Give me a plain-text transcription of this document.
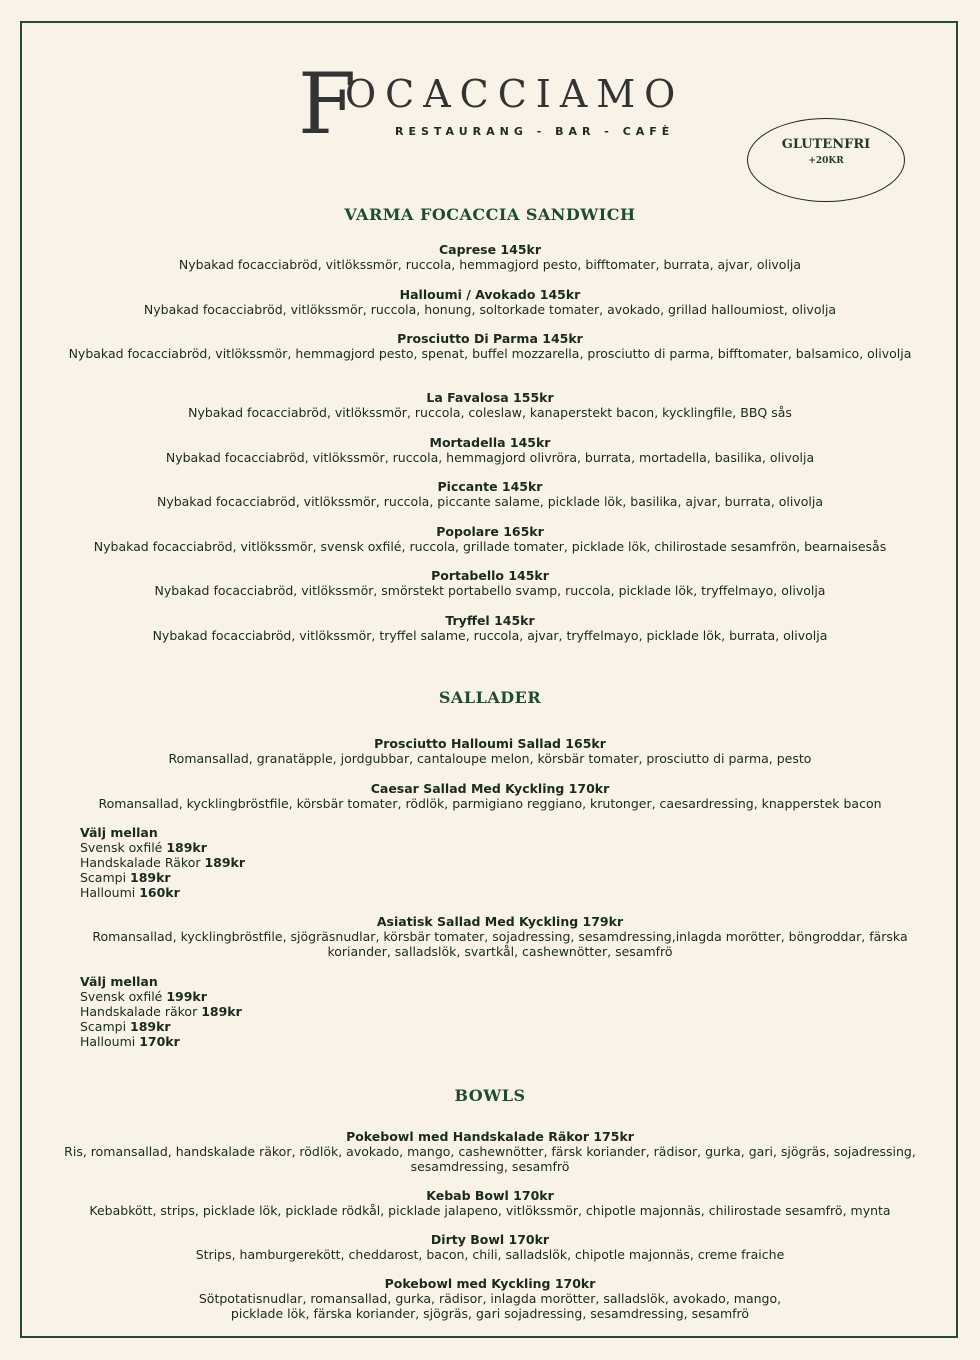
F
OCACCIAMO
RESTAURANG - BAR - CAFÈ
GLUTENFRI
+20KR
VARMA FOCACCIA SANDWICH
Caprese 145kr
Nybakad focacciabröd, vitlökssmör, ruccola, hemmagjord pesto, bifftomater, burrata, ajvar, olivolja
Halloumi / Avokado 145kr
Nybakad focacciabröd, vitlökssmör, ruccola, honung, soltorkade tomater, avokado, grillad halloumiost, olivolja
Prosciutto Di Parma 145kr
Nybakad focacciabröd, vitlökssmör, hemmagjord pesto, spenat, buffel mozzarella, prosciutto di parma, bifftomater, balsamico, olivolja
La Favalosa 155kr
Nybakad focacciabröd, vitlökssmör, ruccola, coleslaw, kanaperstekt bacon, kycklingfile, BBQ sås
Mortadella 145kr
Nybakad focacciabröd, vitlökssmör, ruccola, hemmagjord olivröra, burrata, mortadella, basilika, olivolja
Piccante 145kr
Nybakad focacciabröd, vitlökssmör, ruccola, piccante salame, picklade lök, basilika, ajvar, burrata, olivolja
Popolare 165kr
Nybakad focacciabröd, vitlökssmör, svensk oxfilé, ruccola, grillade tomater, picklade lök, chilirostade sesamfrön, bearnaisesås
Portabello 145kr
Nybakad focacciabröd, vitlökssmör, smörstekt portabello svamp, ruccola, picklade lök, tryffelmayo, olivolja
Tryffel 145kr
Nybakad focacciabröd, vitlökssmör, tryffel salame, ruccola, ajvar, tryffelmayo, picklade lök, burrata, olivolja
SALLADER
Prosciutto Halloumi Sallad 165kr
Romansallad, granatäpple, jordgubbar, cantaloupe melon, körsbär tomater, prosciutto di parma, pesto
Caesar Sallad Med Kyckling 170kr
Romansallad, kycklingbröstfile, körsbär tomater, rödlök, parmigiano reggiano, krutonger, caesardressing, knapperstek bacon
Välj mellan
Svensk oxfilé 189kr
Handskalade Räkor 189kr
Scampi 189kr
Halloumi 160kr
Asiatisk Sallad Med Kyckling 179kr
Romansallad, kycklingbröstfile, sjögräsnudlar, körsbär tomater, sojadressing, sesamdressing,inlagda morötter, böngroddar, färska koriander, salladslök, svartkål, cashewnötter, sesamfrö
Välj mellan
Svensk oxfilé 199kr
Handskalade räkor 189kr
Scampi 189kr
Halloumi 170kr
BOWLS
Pokebowl med Handskalade Räkor 175kr
Ris, romansallad, handskalade räkor, rödlök, avokado, mango, cashewnötter, färsk koriander, rädisor, gurka, gari, sjögräs, sojadressing, sesamdressing, sesamfrö
Kebab Bowl 170kr
Kebabkött, strips, picklade lök, picklade rödkål, picklade jalapeno, vitlökssmör, chipotle majonnäs, chilirostade sesamfrö, mynta
Dirty Bowl 170kr
Strips, hamburgerekött, cheddarost, bacon, chili, salladslök, chipotle majonnäs, creme fraiche
Pokebowl med Kyckling 170kr
Sötpotatisnudlar, romansallad, gurka, rädisor, inlagda morötter, salladslök, avokado, mango, picklade lök, färska koriander, sjögräs, gari sojadressing, sesamdressing, sesamfrö
